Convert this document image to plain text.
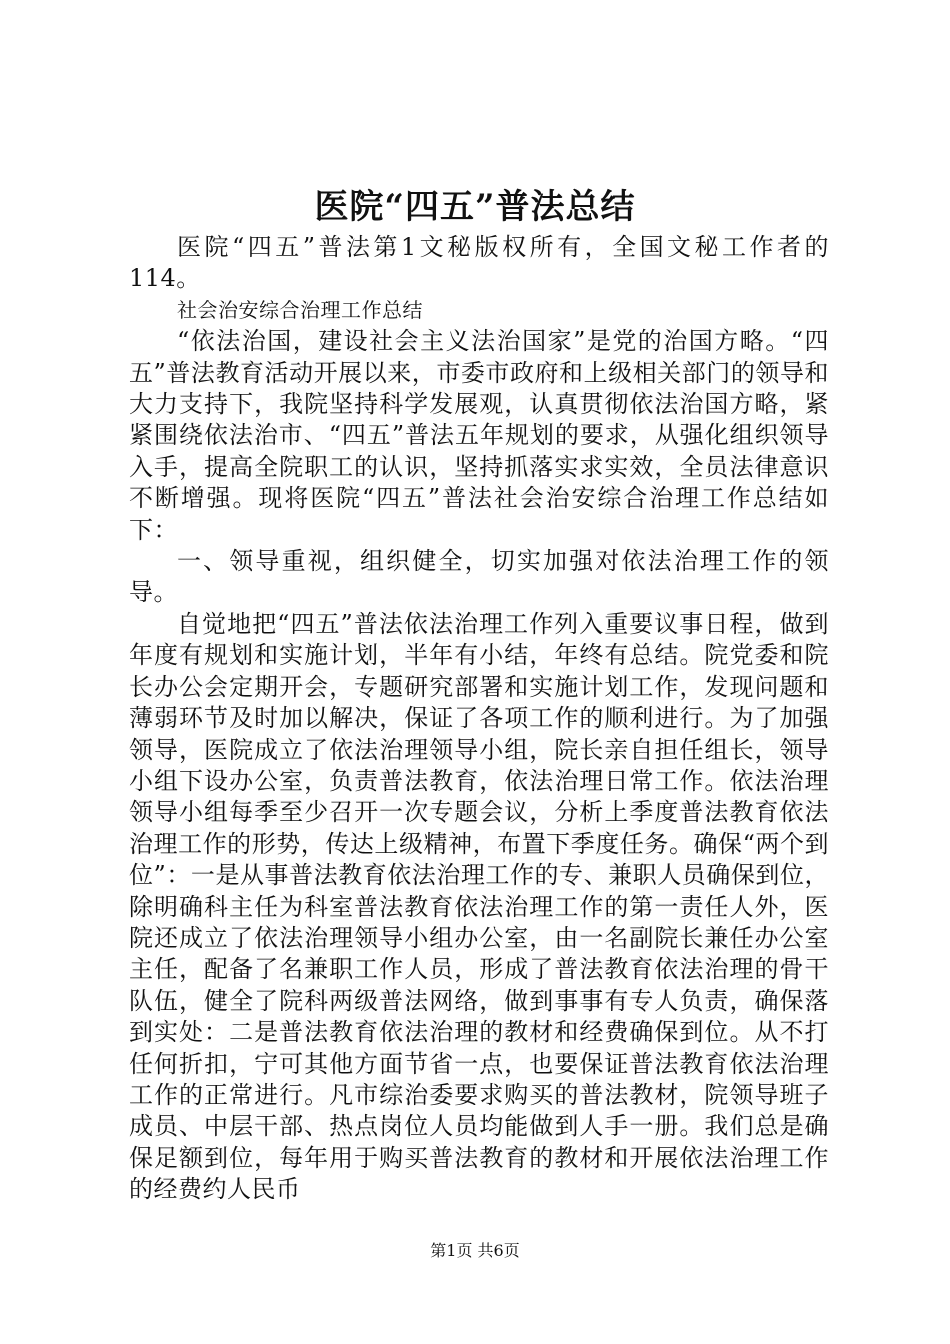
医院“四五”普法总结

医院“四五”普法第1文秘版权所有，全国文秘工作者的114。

社会治安综合治理工作总结

“依法治国，建设社会主义法治国家”是党的治国方略。“四五”普法教育活动开展以来，市委市政府和上级相关部门的领导和大力支持下，我院坚持科学发展观，认真贯彻依法治国方略，紧紧围绕依法治市、“四五”普法五年规划的要求，从强化组织领导入手，提高全院职工的认识，坚持抓落实求实效，全员法律意识不断增强。现将医院“四五”普法社会治安综合治理工作总结如下：

一、领导重视，组织健全，切实加强对依法治理工作的领导。

自觉地把“四五”普法依法治理工作列入重要议事日程，做到年度有规划和实施计划，半年有小结，年终有总结。院党委和院长办公会定期开会，专题研究部署和实施计划工作，发现问题和薄弱环节及时加以解决，保证了各项工作的顺利进行。为了加强领导，医院成立了依法治理领导小组，院长亲自担任组长，领导小组下设办公室，负责普法教育，依法治理日常工作。依法治理领导小组每季至少召开一次专题会议，分析上季度普法教育依法治理工作的形势，传达上级精神，布置下季度任务。确保“两个到位”：一是从事普法教育依法治理工作的专、兼职人员确保到位，除明确科主任为科室普法教育依法治理工作的第一责任人外，医院还成立了依法治理领导小组办公室，由一名副院长兼任办公室主任，配备了名兼职工作人员，形成了普法教育依法治理的骨干队伍，健全了院科两级普法网络，做到事事有专人负责，确保落到实处：二是普法教育依法治理的教材和经费确保到位。从不打任何折扣，宁可其他方面节省一点，也要保证普法教育依法治理工作的正常进行。凡市综治委要求购买的普法教材，院领导班子成员、中层干部、热点岗位人员均能做到人手一册。我们总是确保足额到位，每年用于购买普法教育的教材和开展依法治理工作的经费约人民币

第1页 共6页
